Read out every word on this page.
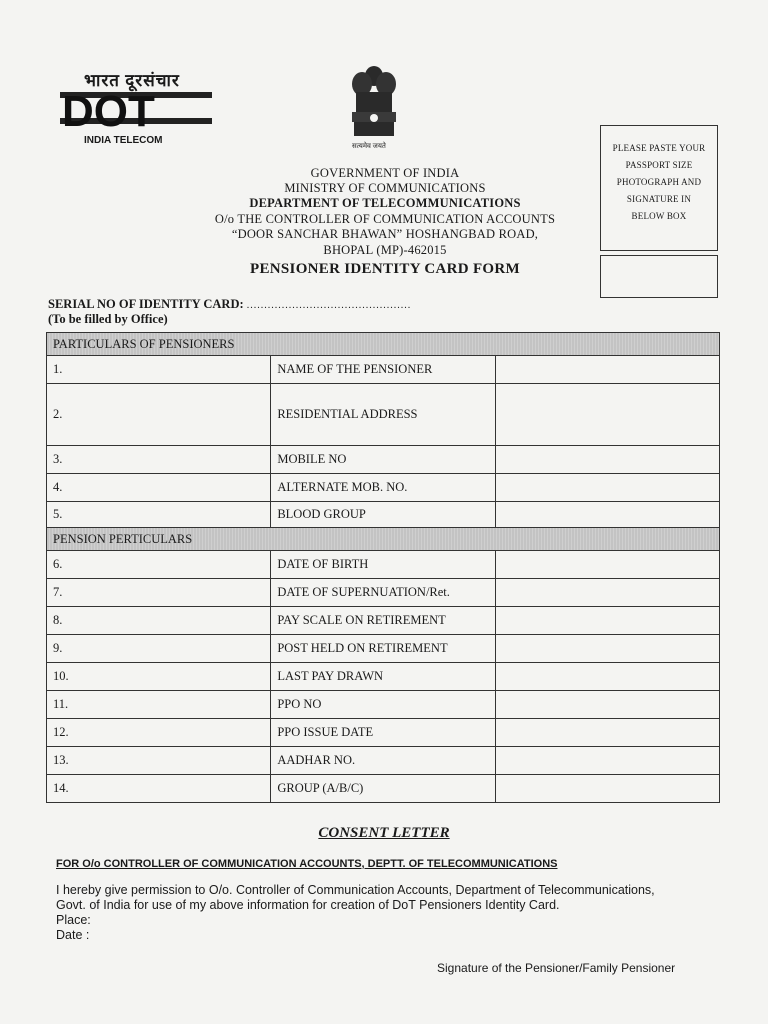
भारत दूरसंचार
DOT
INDIA TELECOM	सत्यमेव जयते
GOVERNMENT OF INDIA
MINISTRY OF COMMUNICATIONS
DEPARTMENT OF TELECOMMUNICATIONS
O/o THE CONTROLLER OF COMMUNICATION ACCOUNTS
“DOOR SANCHAR BHAWAN” HOSHANGBAD ROAD,
BHOPAL (MP)-462015
PENSIONER IDENTITY CARD FORM
PLEASE PASTE YOUR
PASSPORT SIZE
PHOTOGRAPH AND
SIGNATURE IN
BELOW BOX
SERIAL NO OF IDENTITY CARD: ...............................................
(To be filled by Office)
PARTICULARS OF PENSIONERS		
1.	NAME OF THE PENSIONER	
2.	RESIDENTIAL ADDRESS	
3.	MOBILE NO	
4.	ALTERNATE MOB. NO.	
5.	BLOOD GROUP	
PENSION PERTICULARS		
6.	DATE OF BIRTH	
7.	DATE OF SUPERNUATION/Ret.	
8.	PAY SCALE ON RETIREMENT	
9.	POST HELD ON RETIREMENT	
10.	LAST PAY DRAWN	
11.	PPO NO	
12.	PPO ISSUE DATE	
13.	AADHAR NO.	
14.	GROUP (A/B/C)	
CONSENT LETTER
FOR O/o CONTROLLER OF COMMUNICATION ACCOUNTS, DEPTT. OF TELECOMMUNICATIONS
I hereby give permission to O/o. Controller of Communication Accounts, Department of Telecommunications,
Govt. of India for use of my above information for creation of DoT Pensioners Identity Card.
Place:
Date :
Signature of the Pensioner/Family Pensioner
